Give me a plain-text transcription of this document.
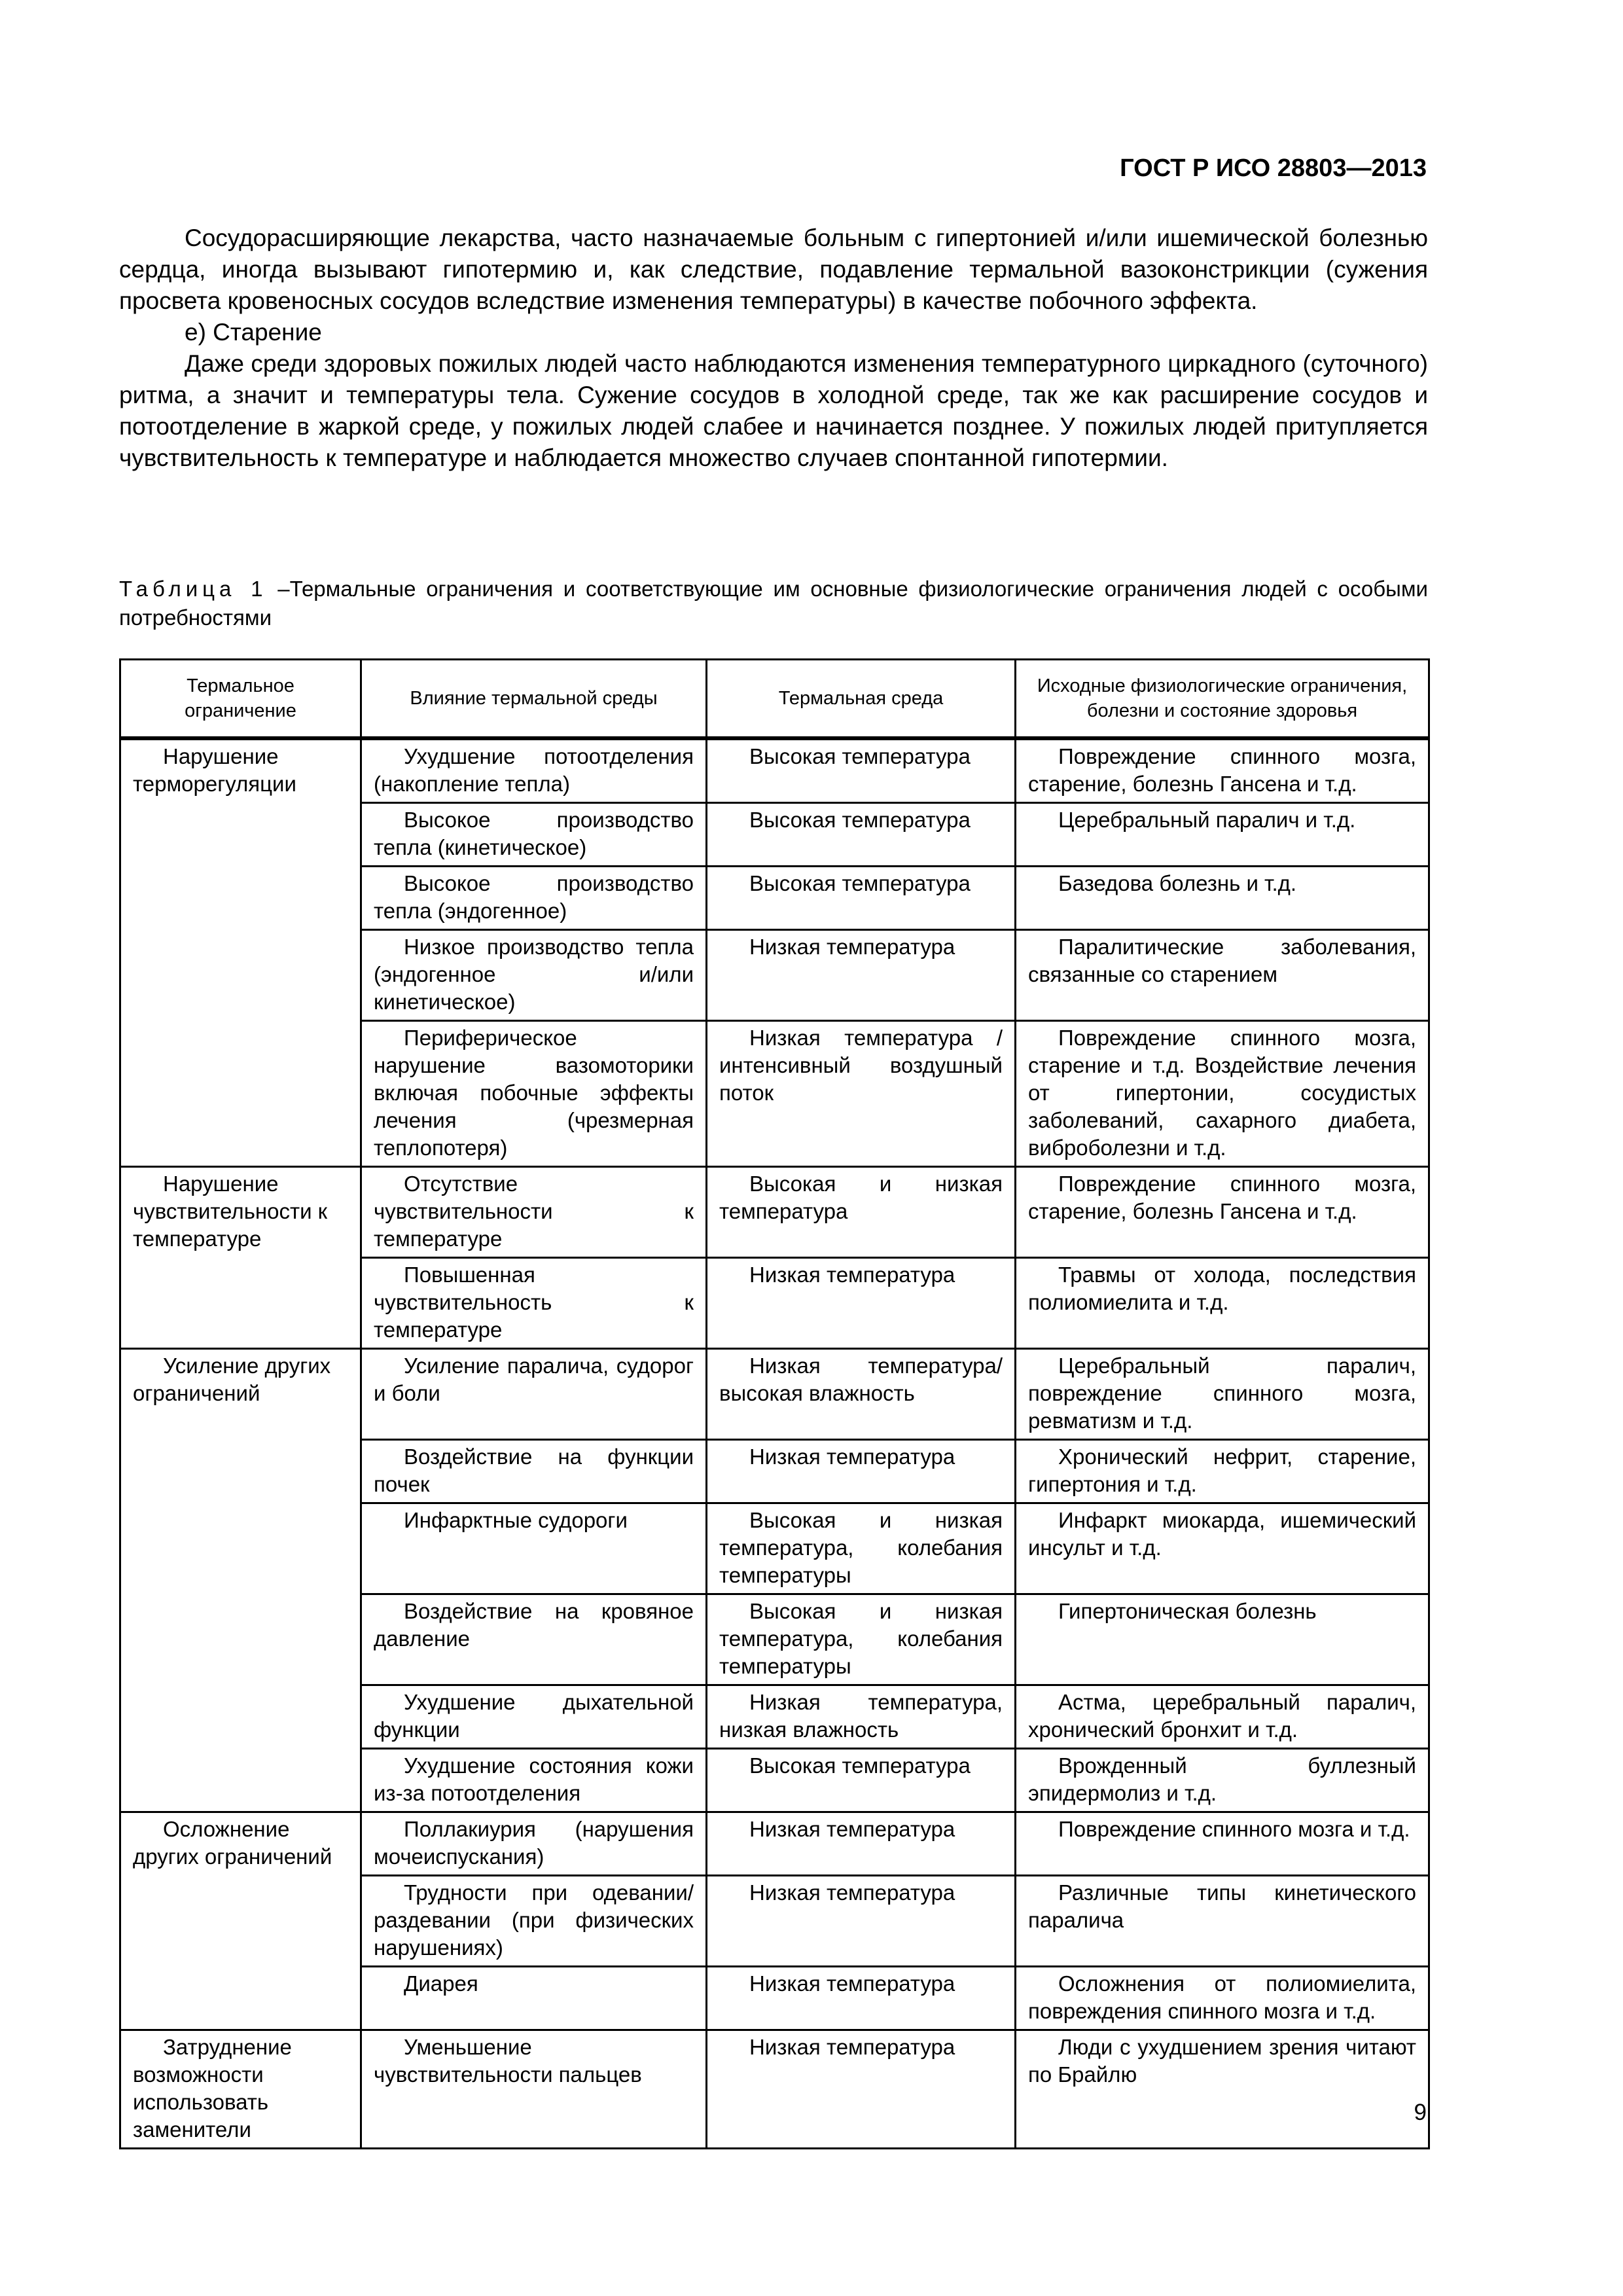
ГОСТ Р ИСО 28803—2013

Сосудорасширяющие лекарства, часто назначаемые больным с гипертонией и/или ишемической болезнью сердца, иногда вызывают гипотермию и, как следствие, подавление термальной вазоконстрикции (сужения просвета кровеносных сосудов вследствие изменения температуры) в качестве побочного эффекта.

е) Старение

Даже среди здоровых пожилых людей часто наблюдаются изменения температурного циркадного (суточного) ритма, а значит и температуры тела. Сужение сосудов в холодной среде, так же как расширение сосудов и потоотделение в жаркой среде, у пожилых людей слабее и начинается позднее. У пожилых людей притупляется чувствительность к температуре и наблюдается множество случаев спонтанной гипотермии.

Таблица 1 –Термальные ограничения и соответствующие им основные физиологические ограничения людей с особыми потребностями
Термальное ограничение	Влияние термальной среды	Термальная среда	Исходные физиологические ограничения, болезни и состояние здоровья

Нарушение терморегуляции	Ухудшение потоотделения (накопление тепла)	Высокая температура	Повреждение спинного мозга, старение, болезнь Гансена и т.д.

	Высокое производство тепла (кинетическое)	Высокая температура	Церебральный паралич и т.д.

	Высокое производство тепла (эндогенное)	Высокая температура	Базедова болезнь и т.д.

	Низкое производство тепла (эндогенное и/или кинетическое)	Низкая температура	Паралитические заболевания, связанные со старением

	Периферическое нарушение вазомоторики включая побочные эффекты лечения (чрезмерная теплопотеря)	Низкая температура /интенсивный воздушный поток	Повреждение спинного мозга, старение и т.д. Воздействие лечения от гипертонии, сосудистых заболеваний, сахарного диабета, виброболезни и т.д.

Нарушение чувствительности к температуре	Отсутствие чувствительности к температуре	Высокая и низкая температура	Повреждение спинного мозга, старение, болезнь Гансена и т.д.

	Повышенная чувствительность к температуре	Низкая температура	Травмы от холода, последствия полиомиелита и т.д.

Усиление других ограничений	Усиление паралича, судорог и боли	Низкая температура/ высокая влажность	Церебральный паралич, повреждение спинного мозга, ревматизм и т.д.

	Воздействие на функции почек	Низкая температура	Хронический нефрит, старение, гипертония и т.д.

	Инфарктные судороги	Высокая и низкая температура, колебания температуры	Инфаркт миокарда, ишемический инсульт и т.д.

	Воздействие на кровяное давление	Высокая и низкая температура, колебания температуры	Гипертоническая болезнь

	Ухудшение дыхательной функции	Низкая температура, низкая влажность	Астма, церебральный паралич, хронический бронхит и т.д.

	Ухудшение состояния кожи из-за потоотделения	Высокая температура	Врожденный буллезный эпидермолиз и т.д.

Осложнение других ограничений	Поллакиурия (нарушения мочеиспускания)	Низкая температура	Повреждение спинного мозга и т.д.

	Трудности при одевании/ раздевании (при физических нарушениях)	Низкая температура	Различные типы кинетического паралича

	Диарея	Низкая температура	Осложнения от полиомиелита, повреждения спинного мозга и т.д.

Затруднение возможности использовать заменители	Уменьшение чувствительности пальцев	Низкая температура	Люди с ухудшением зрения читают по Брайлю
9
